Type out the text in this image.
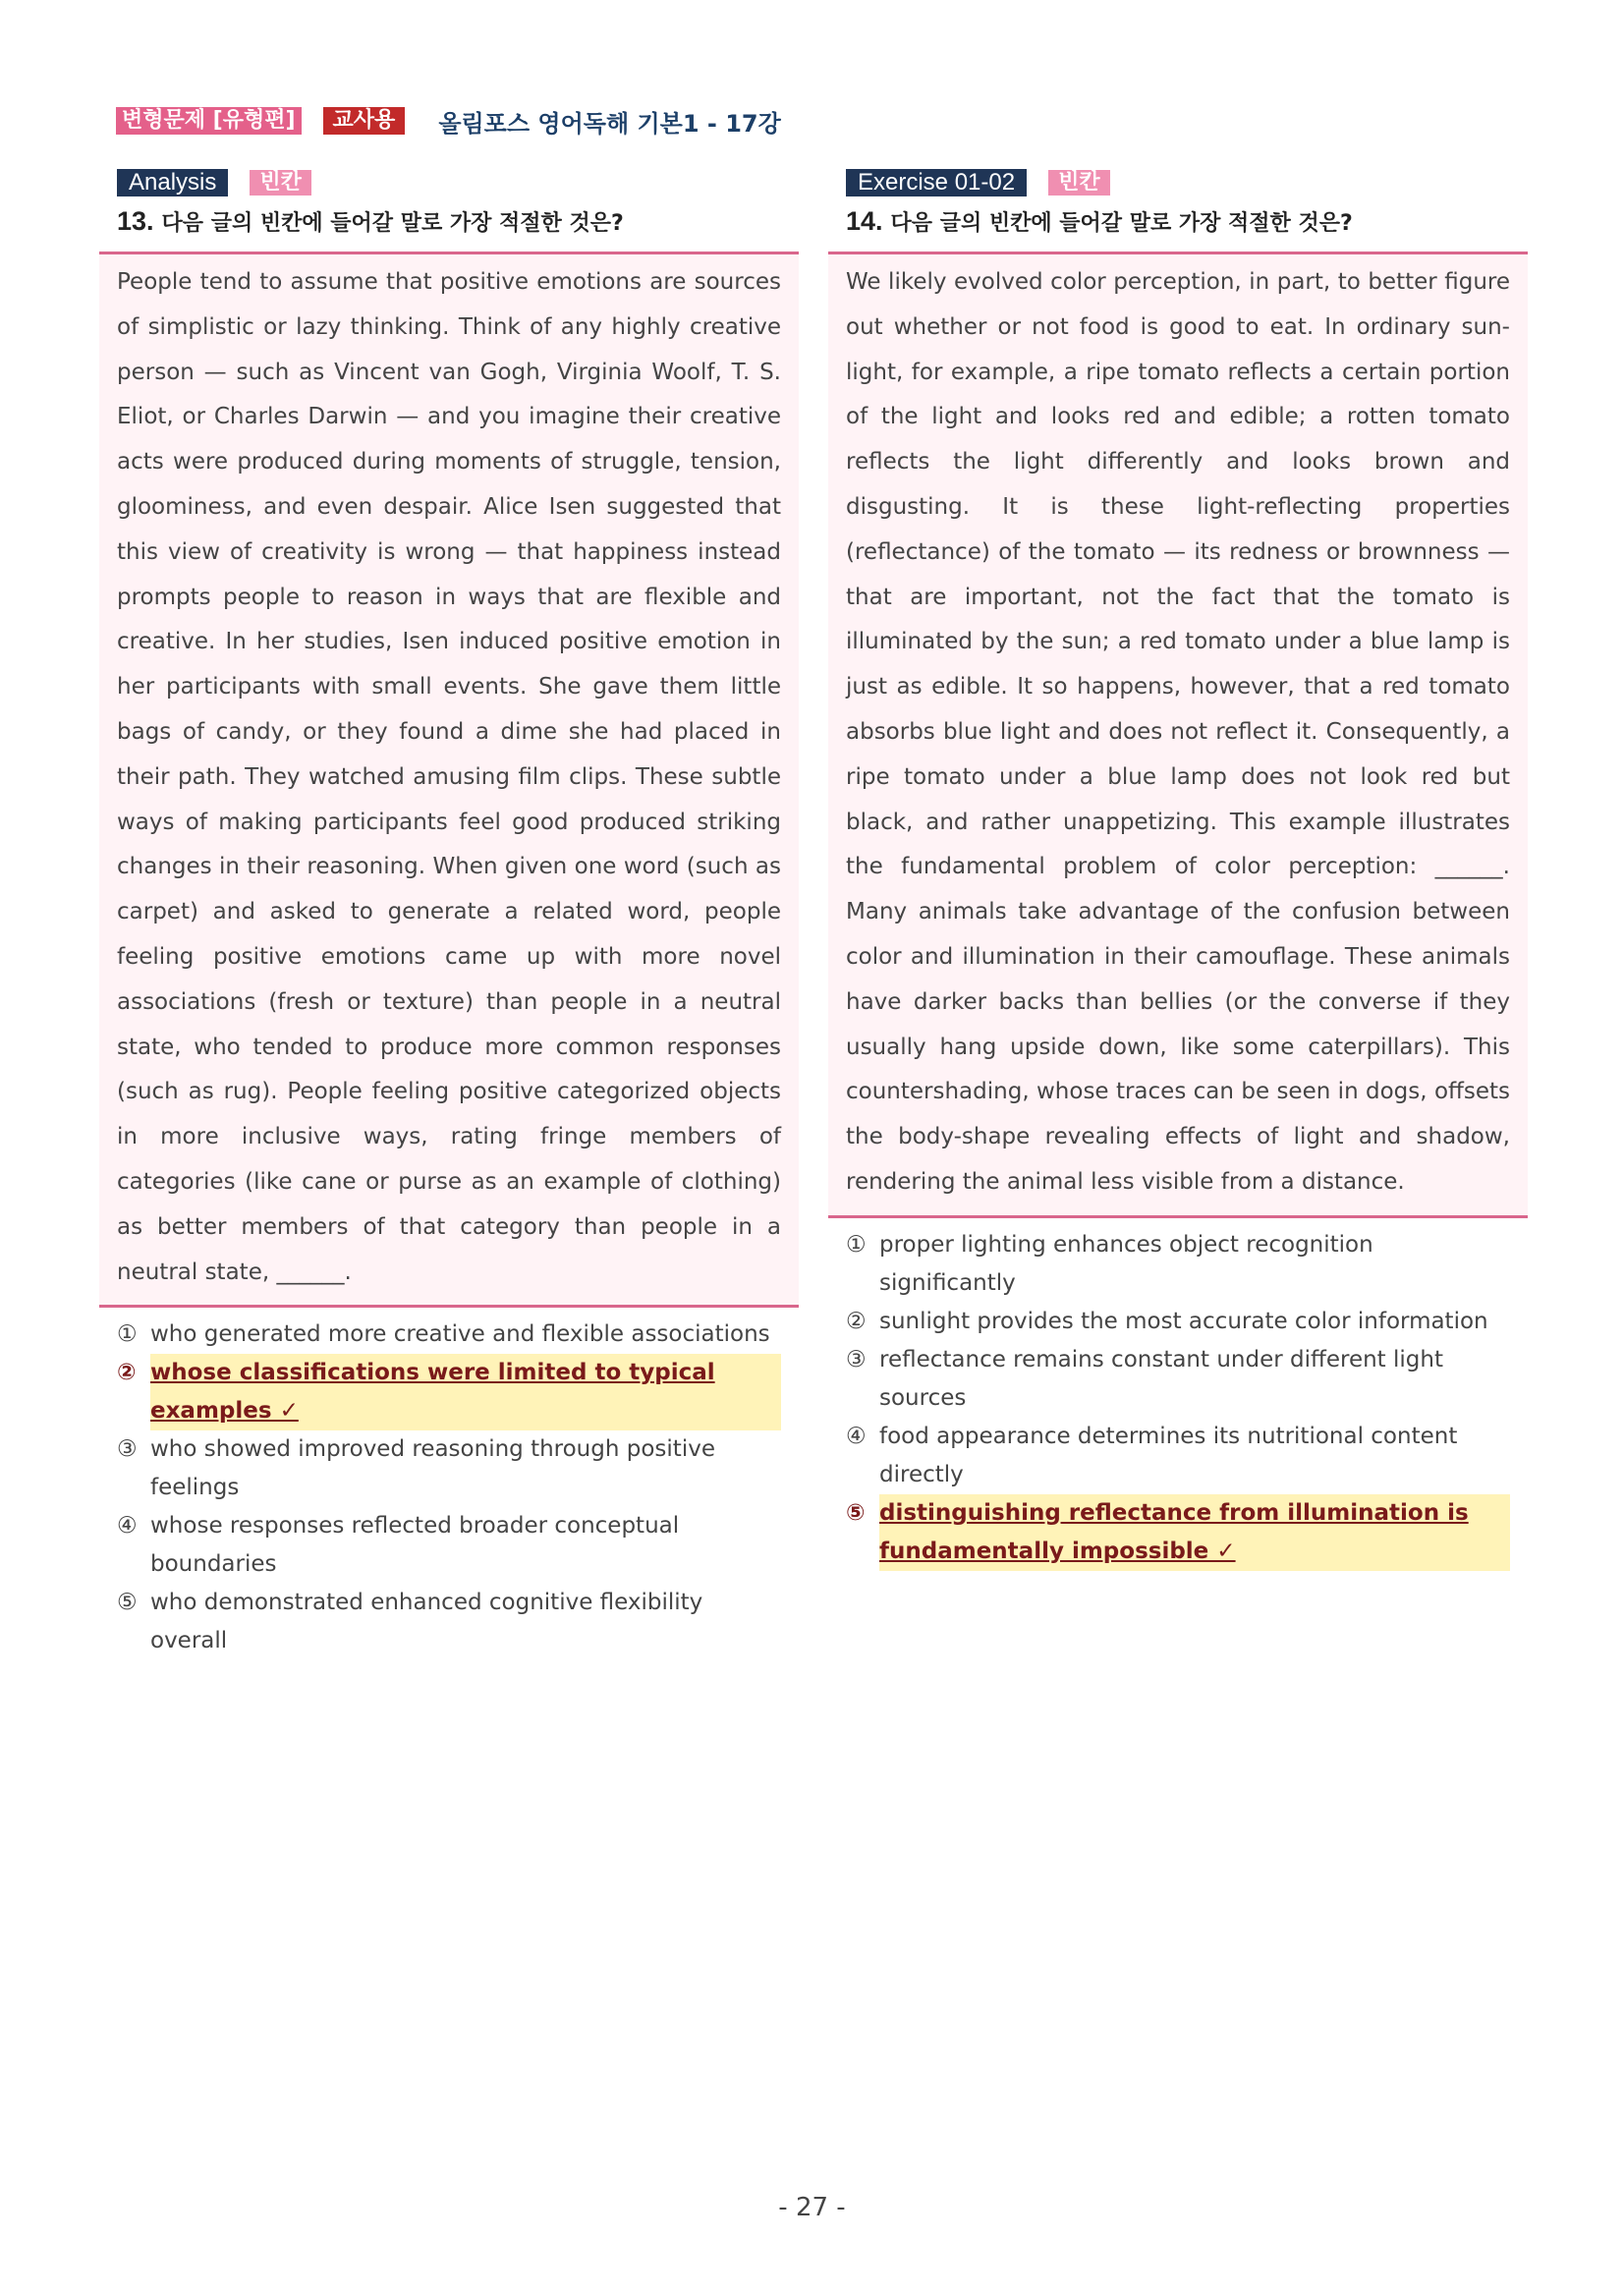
변형문제 [유형편]	교사용	올림포스 영어독해 기본1 - 17강
Analysis	빈칸
13. 다음 글의 빈칸에 들어갈 말로 가장 적절한 것은?
People tend to assume that positive emotions are sources of simplistic or lazy thinking. Think of any highly creative person — such as Vincent van Gogh, Virginia Woolf, T. S. Eliot, or Charles Darwin — and you imagine their creative acts were produced during moments of struggle, tension, gloominess, and even despair. Alice Isen suggested that this view of creativity is wrong — that happiness instead prompts people to reason in ways that are flexible and creative. In her studies, Isen induced positive emotion in her participants with small events. She gave them little bags of candy, or they found a dime she had placed in their path. They watched amusing film clips. These subtle ways of making participants feel good produced striking changes in their reasoning. When given one word (such as carpet) and asked to generate a related word, people feeling positive emotions came up with more novel associations (fresh or texture) than people in a neutral state, who tended to produce more common responses (such as rug). People feeling positive categorized objects in more inclusive ways, rating fringe members of categories (like cane or purse as an example of clothing) as better members of that category than people in a neutral state, ______.
① who generated more creative and flexible associations
② whose classifications were limited to typical examples ✓
③ who showed improved reasoning through positive feelings
④ whose responses reflected broader conceptual boundaries
⑤ who demonstrated enhanced cognitive flexibility overall
Exercise 01-02	빈칸
14. 다음 글의 빈칸에 들어갈 말로 가장 적절한 것은?
We likely evolved color perception, in part, to better figure out whether or not food is good to eat. In ordinary sun-light, for example, a ripe tomato reflects a certain portion of the light and looks red and edible; a rotten tomato reflects the light differently and looks brown and disgusting. It is these light-reflecting properties (reflectance) of the tomato — its redness or brownness — that are important, not the fact that the tomato is illuminated by the sun; a red tomato under a blue lamp is just as edible. It so happens, however, that a red tomato absorbs blue light and does not reflect it. Consequently, a ripe tomato under a blue lamp does not look red but black, and rather unappetizing. This example illustrates the fundamental problem of color perception: ______. Many animals take advantage of the confusion between color and illumination in their camouflage. These animals have darker backs than bellies (or the converse if they usually hang upside down, like some caterpillars). This countershading, whose traces can be seen in dogs, offsets the body-shape revealing effects of light and shadow, rendering the animal less visible from a distance.
① proper lighting enhances object recognition significantly
② sunlight provides the most accurate color information
③ reflectance remains constant under different light sources
④ food appearance determines its nutritional content directly
⑤ distinguishing reflectance from illumination is fundamentally impossible ✓
- 27 -
